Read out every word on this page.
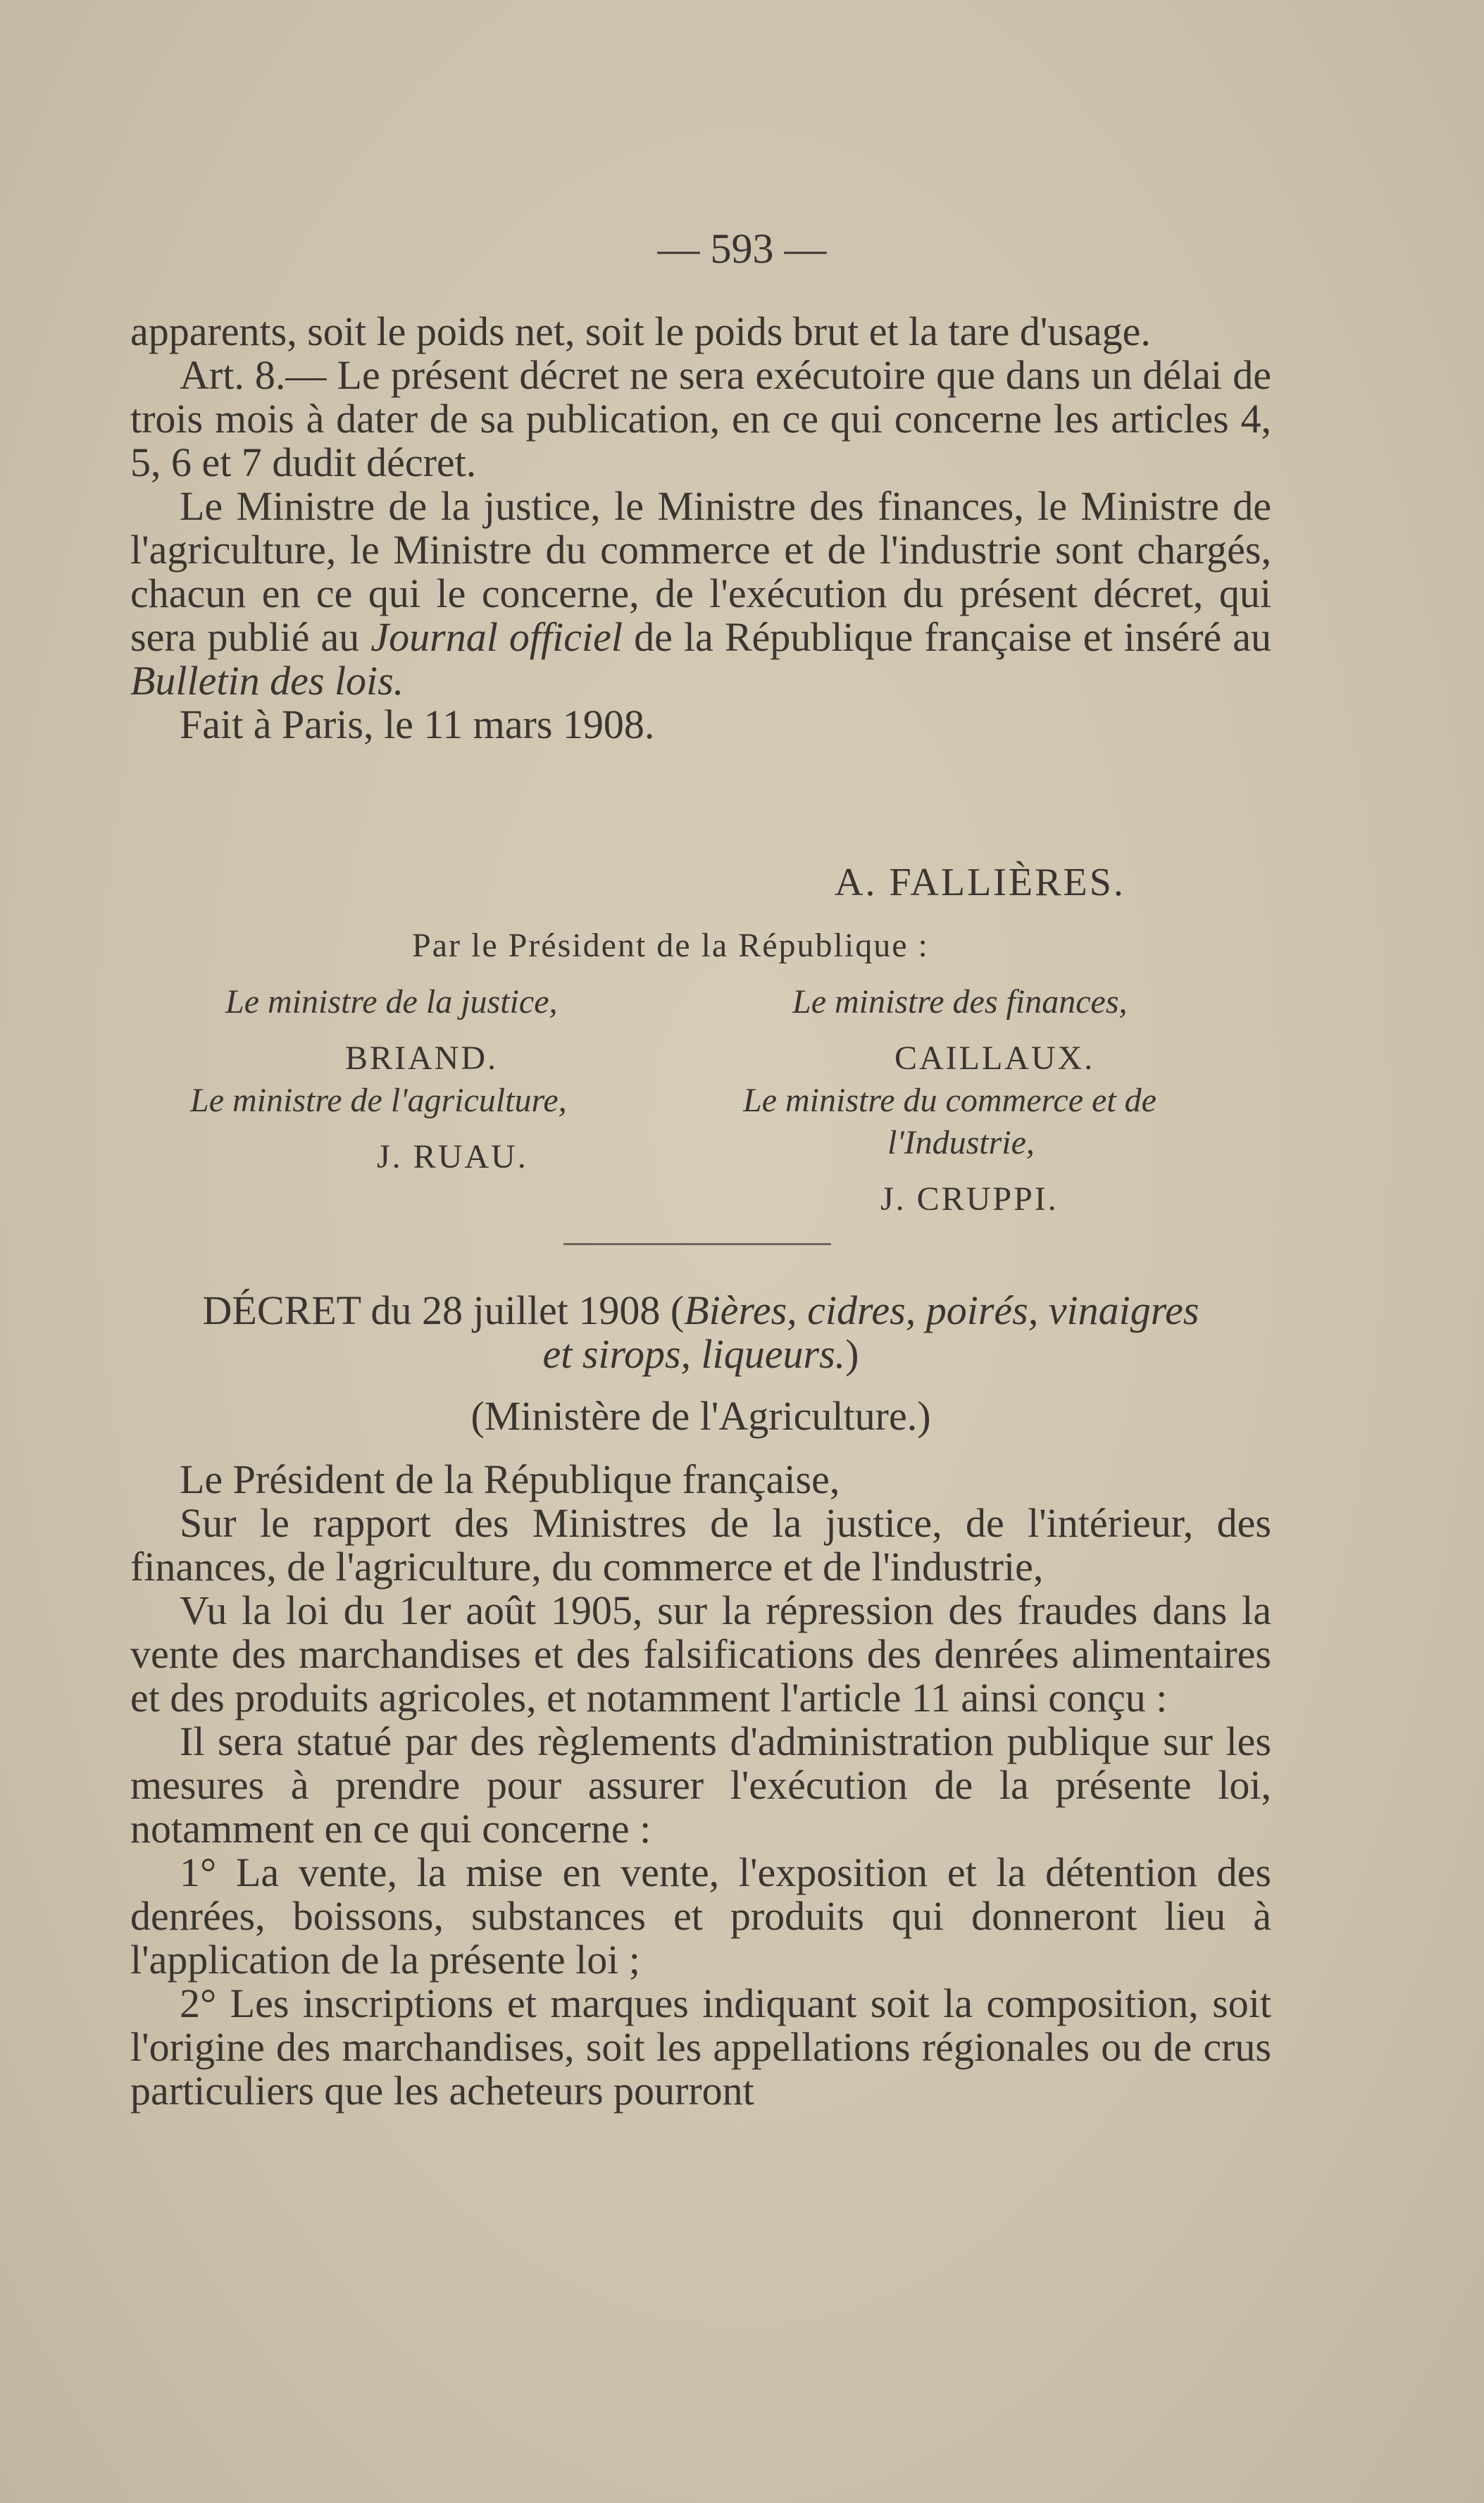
— 593 —

apparents, soit le poids net, soit le poids brut et la tare d'usage.

Art. 8.— Le présent décret ne sera exécutoire que dans un délai de trois mois à dater de sa publication, en ce qui concerne les articles 4, 5, 6 et 7 dudit décret.

Le Ministre de la justice, le Ministre des finances, le Ministre de l'agriculture, le Ministre du commerce et de l'industrie sont chargés, chacun en ce qui le concerne, de l'exécution du présent décret, qui sera publié au Journal officiel de la République française et inséré au Bulletin des lois.

Fait à Paris, le 11 mars 1908.

A. FALLIÈRES.
Par le Président de la République :
Le ministre de la justice,
BRIAND.
Le ministre des finances,
CAILLAUX.
Le ministre de l'agriculture,
J. RUAU.
Le ministre du commerce et de
l'Industrie,
J. CRUPPI.
DÉCRET du 28 juillet 1908 (Bières, cidres, poirés, vinaigres
et sirops, liqueurs.)
(Ministère de l'Agriculture.)

Le Président de la République française,

Sur le rapport des Ministres de la justice, de l'intérieur, des finances, de l'agriculture, du commerce et de l'industrie,

Vu la loi du 1er août 1905, sur la répression des fraudes dans la vente des marchandises et des falsifications des denrées alimentaires et des produits agricoles, et notamment l'article 11 ainsi conçu :

Il sera statué par des règlements d'administration publique sur les mesures à prendre pour assurer l'exécution de la présente loi, notamment en ce qui concerne :

1° La vente, la mise en vente, l'exposition et la détention des denrées, boissons, substances et produits qui donneront lieu à l'application de la présente loi ;

2° Les inscriptions et marques indiquant soit la composition, soit l'origine des marchandises, soit les appellations régionales ou de crus particuliers que les acheteurs pourront
